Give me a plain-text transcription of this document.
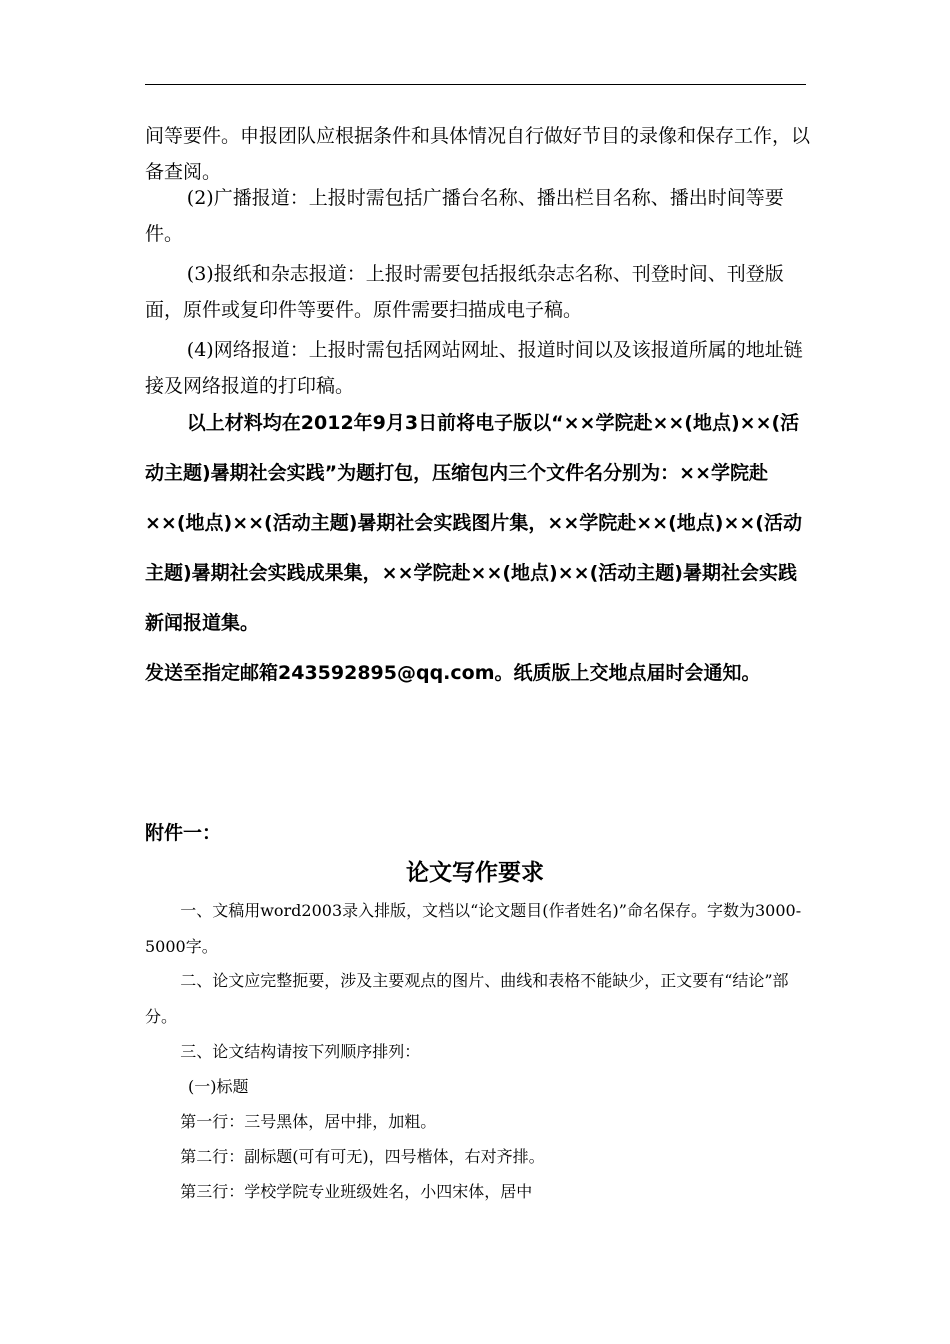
间等要件。申报团队应根据条件和具体情况自行做好节目的录像和保存工作，以备查阅。

(2)广播报道：上报时需包括广播台名称、播出栏目名称、播出时间等要件。

(3)报纸和杂志报道：上报时需要包括报纸杂志名称、刊登时间、刊登版面，原件或复印件等要件。原件需要扫描成电子稿。

(4)网络报道：上报时需包括网站网址、报道时间以及该报道所属的地址链接及网络报道的打印稿。

以上材料均在2012年9月3日前将电子版以“××学院赴××(地点)××(活动主题)暑期社会实践”为题打包，压缩包内三个文件名分别为：××学院赴××(地点)××(活动主题)暑期社会实践图片集，××学院赴××(地点)××(活动主题)暑期社会实践成果集，××学院赴××(地点)××(活动主题)暑期社会实践新闻报道集。

发送至指定邮箱243592895@qq.com。纸质版上交地点届时会通知。

附件一：
论文写作要求

一、文稿用word2003录入排版，文档以“论文题目(作者姓名)”命名保存。字数为3000-5000字。

二、论文应完整扼要，涉及主要观点的图片、曲线和表格不能缺少，正文要有“结论”部分。

三、论文结构请按下列顺序排列：

(一)标题

第一行：三号黑体，居中排，加粗。

第二行：副标题(可有可无)，四号楷体，右对齐排。

第三行：学校学院专业班级姓名，小四宋体，居中
